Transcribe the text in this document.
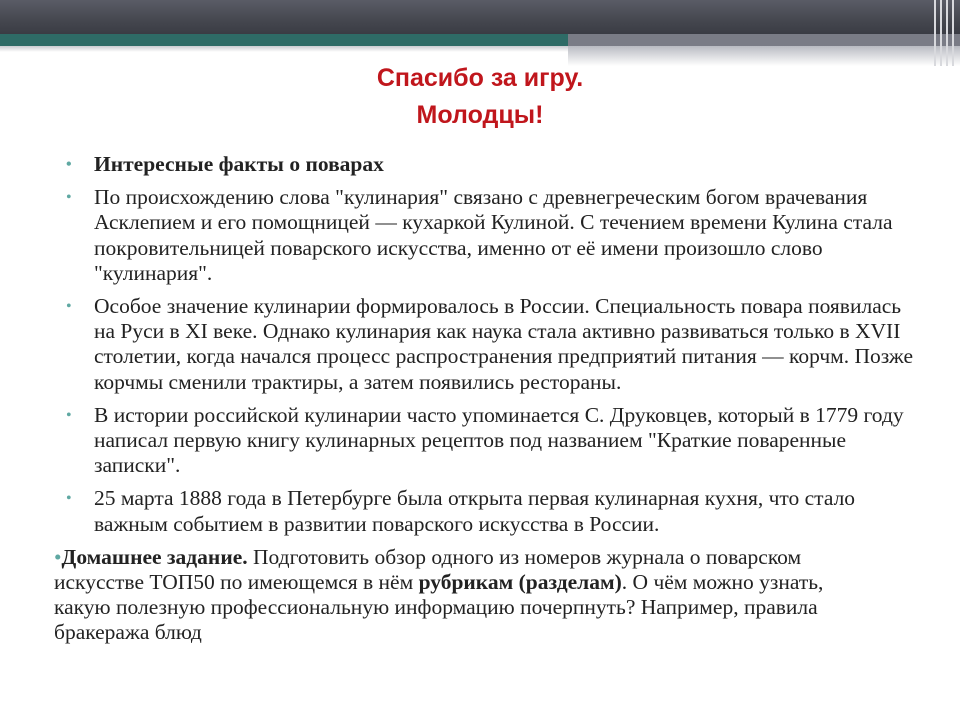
Спасибо за игру.
Молодцы!
• Интересные факты о поварах
• По происхождению слова "кулинария" связано с древнегреческим богом врачевания Асклепием и его помощницей — кухаркой Кулиной. С течением времени Кулина стала покровительницей поварского искусства, именно от её имени произошло слово "кулинария".
• Особое значение кулинарии формировалось в России. Специальность повара появилась на Руси в XI веке. Однако кулинария как наука стала активно развиваться только в XVII столетии, когда начался процесс распространения предприятий питания — корчм. Позже корчмы сменили трактиры, а затем появились рестораны.
• В истории российской кулинарии часто упоминается С. Друковцев, который в 1779 году написал первую книгу кулинарных рецептов под названием "Краткие поваренные записки".
• 25 марта 1888 года в Петербурге была открыта первая кулинарная кухня, что стало важным событием в развитии поварского искусства в России.
•Домашнее задание. Подготовить обзор одного из номеров журнала о поварском искусстве ТОП50 по имеющемся в нём рубрикам (разделам). О чём можно узнать, какую полезную профессиональную информацию почерпнуть? Например, правила бракеража блюд
